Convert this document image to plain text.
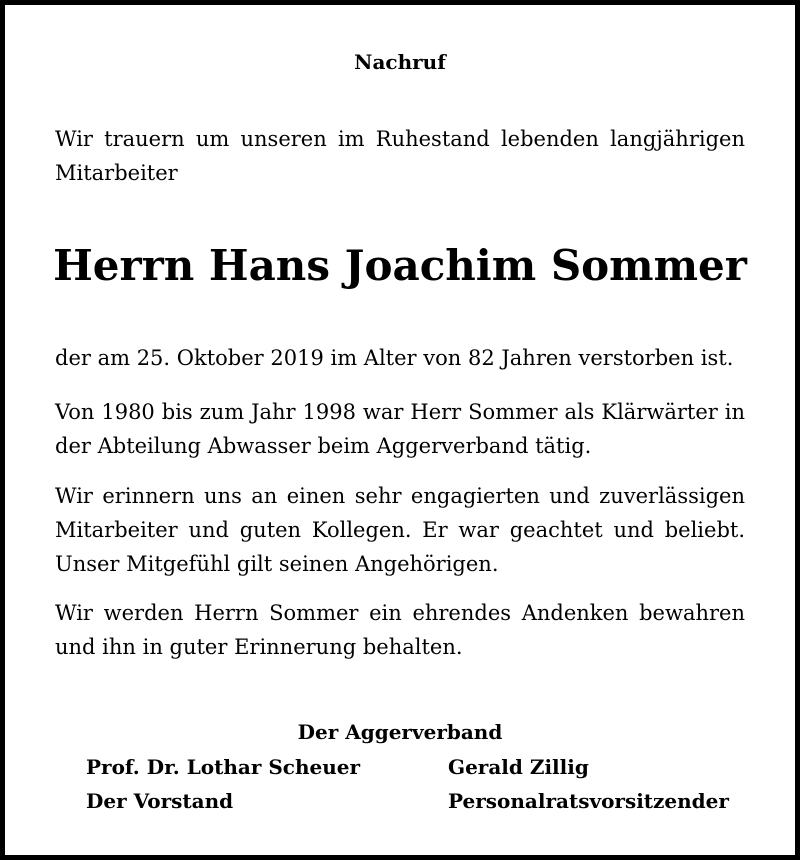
Nachruf
Wir trauern um unseren im Ruhestand lebenden langjährigen Mitarbeiter
Herrn Hans Joachim Sommer
der am 25. Oktober 2019 im Alter von 82 Jahren verstorben ist.
Von 1980 bis zum Jahr 1998 war Herr Sommer als Klärwärter in der Abteilung Abwasser beim Aggerverband tätig.
Wir erinnern uns an einen sehr engagierten und zuverlässigen Mitarbeiter und guten Kollegen. Er war geachtet und beliebt. Unser Mitgefühl gilt seinen Angehörigen.
Wir werden Herrn Sommer ein ehrendes Andenken bewahren und ihn in guter Erinnerung behalten.
Der Aggerverband
Prof. Dr. Lothar Scheuer
Der Vorstand
Gerald Zillig
Personalratsvorsitzender
